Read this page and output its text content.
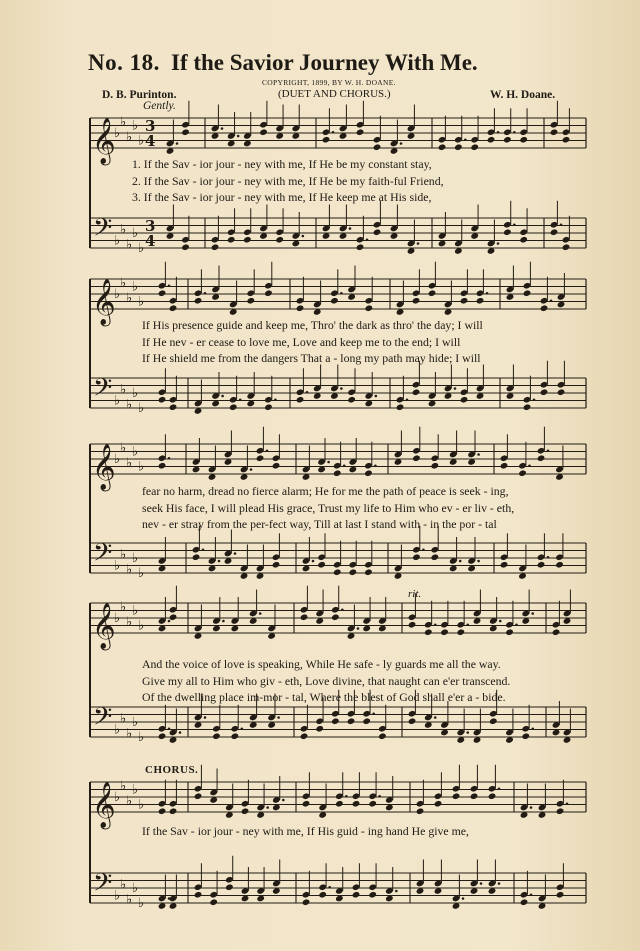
No. 18. If the Savior Journey With Me.
COPYRIGHT, 1899, BY W. H. DOANE.
(DUET AND CHORUS.)
D. B. Purinton.	W. H. Doane.
Gently.
rit.
CHORUS.
𝄞
𝄢
♭
♭
♭
♭
♭
♭
♭
♭
♭
♭
3
4
3
4
𝄞
𝄢
♭
♭
♭
♭
♭
♭
♭
♭
♭
♭
𝄞
𝄢
♭
♭
♭
♭
♭
♭
♭
♭
♭
♭
𝄞
𝄢
♭
♭
♭
♭
♭
♭
♭
♭
♭
♭
𝄞
𝄢
♭
♭
♭
♭
♭
♭
♭
♭
♭
♭
1. If the Sav - ior jour - ney with me, If He be my constant stay,
2. If the Sav - ior jour - ney with me, If He be my faith-ful Friend,
3. If the Sav - ior jour - ney with me, If He keep me at His side,
If His presence guide and keep me, Thro' the dark as thro' the day; I will
If He nev - er cease to love me, Love and keep me to the end; I will
If He shield me from the dangers That a - long my path may hide; I will
fear no harm, dread no fierce alarm; He for me the path of peace is seek - ing,
seek His face, I will plead His grace, Trust my life to Him who ev - er liv - eth,
nev - er stray from the per-fect way, Till at last I stand with - in the por - tal
And the voice of love is speaking, While He safe - ly guards me all the way.
Give my all to Him who giv - eth, Love divine, that naught can e'er transcend.
Of the dwelling place im-mor - tal, Where the blest of God shall e'er a - bide.
If the Sav - ior jour - ney with me, If His guid - ing hand He give me,
